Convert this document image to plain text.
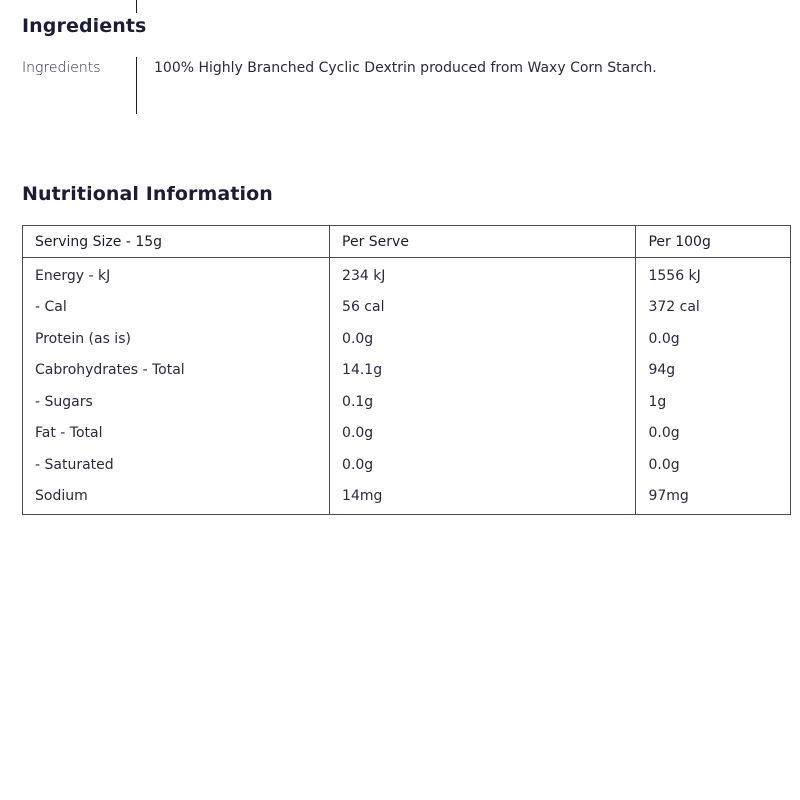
Ingredients
Ingredients	100% Highly Branched Cyclic Dextrin produced from Waxy Corn Starch.
Nutritional Information
Serving Size - 15g	Per Serve	Per 100g
Energy - kJ	234 kJ	1556 kJ
- Cal	56 cal	372 cal
Protein (as is)	0.0g	0.0g
Cabrohydrates - Total	14.1g	94g
- Sugars	0.1g	1g
Fat - Total	0.0g	0.0g
- Saturated	0.0g	0.0g
Sodium	14mg	97mg
